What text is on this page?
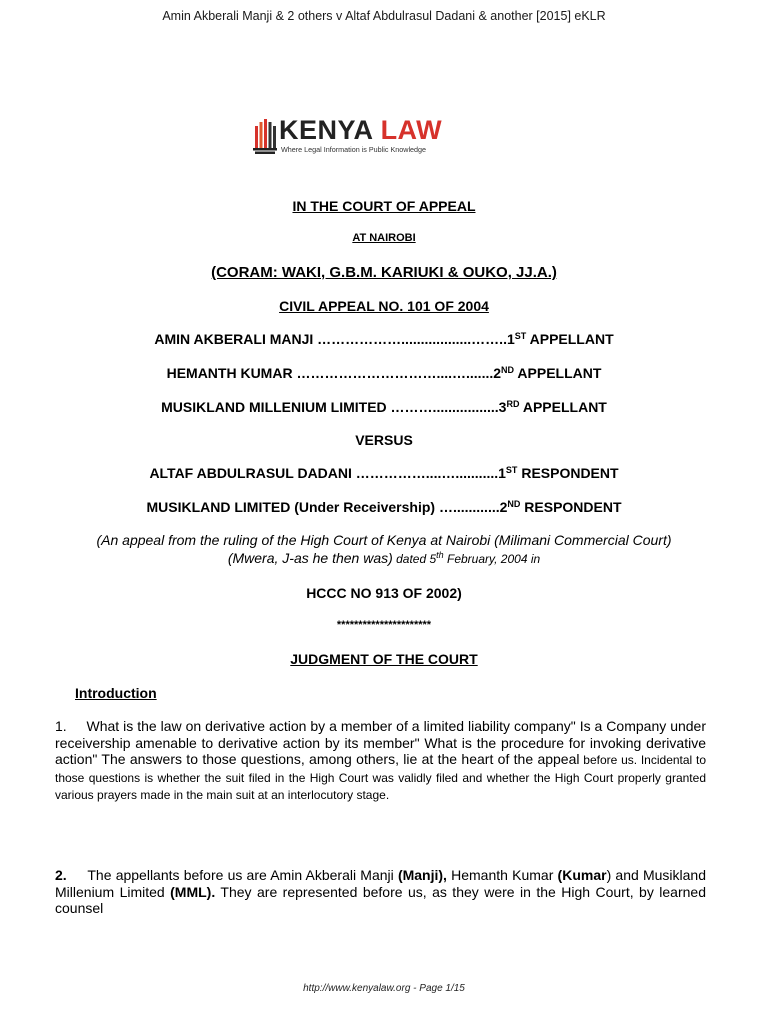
Amin Akberali Manji & 2 others v Altaf Abdulrasul Dadani & another [2015] eKLR
KENYA LAW
Where Legal Information is Public Knowledge
IN THE COURT OF APPEAL
AT NAIROBI
(CORAM: WAKI, G.B.M. KARIUKI & OUKO, JJ.A.)
CIVIL APPEAL NO. 101 OF 2004
AMIN AKBERALI MANJI ………………..................……..1ST APPELLANT
HEMANTH KUMAR …………………………....….......2ND APPELLANT
MUSIKLAND MILLENIUM LIMITED ……….................3RD APPELLANT
VERSUS
ALTAF ABDULRASUL DADANI ……………....…...........1ST RESPONDENT
MUSIKLAND LIMITED (Under Receivership) …............2ND RESPONDENT
(An appeal from the ruling of the High Court of Kenya at Nairobi (Milimani Commercial Court)
(Mwera, J-as he then was) dated 5th February, 2004 in
HCCC NO 913 OF 2002)
**********************
JUDGMENT OF THE COURT
Introduction
1.     What is the law on derivative action by a member of a limited liability company" Is a Company under receivership amenable to derivative action by its member" What is the procedure for invoking derivative action" The answers to those questions, among others, lie at the heart of the appeal before us. Incidental to those questions is whether the suit filed in the High Court was validly filed and whether the High Court properly granted various prayers made in the main suit at an interlocutory stage.
2.     The appellants before us are Amin Akberali Manji (Manji), Hemanth Kumar (Kumar) and Musikland Millenium Limited (MML). They are represented before us, as they were in the High Court, by learned counsel
http://www.kenyalaw.org - Page 1/15
